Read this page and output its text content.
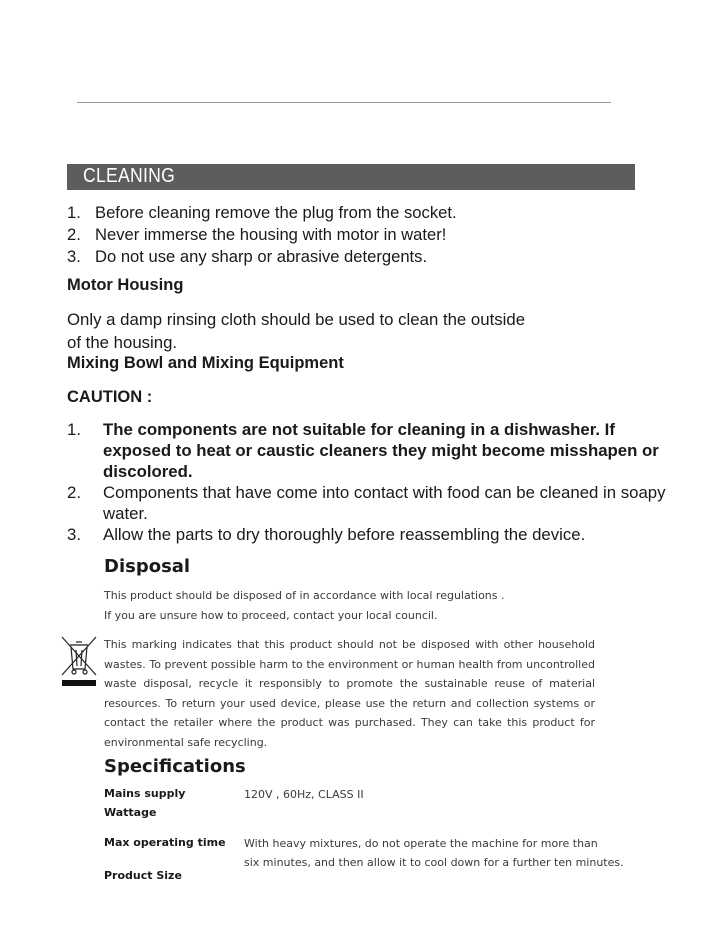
CLEANING
1. Before cleaning remove the plug from the socket.
2. Never immerse the housing with motor in water!
3. Do not use any sharp or abrasive detergents.
Motor Housing
Only a damp rinsing cloth should be used to clean the outside
of the housing.
Mixing Bowl and Mixing Equipment
CAUTION :
1. The components are not suitable for cleaning in a dishwasher. If exposed to heat or caustic cleaners they might become misshapen or discolored.
2. Components that have come into contact with food can be cleaned in soapy water.
3. Allow the parts to dry thoroughly before reassembling the device.
Disposal
This product should be disposed of in accordance with local regulations .
If you are unsure how to proceed, contact your local council.
This marking indicates that this product should not be disposed with other household wastes. To prevent possible harm to the environment or human health from uncontrolled waste disposal, recycle it responsibly to promote the sustainable reuse of material resources. To return your used device, please use the return and collection systems or contact the retailer where the product was purchased. They can take this product for environmental safe recycling.
Specifications
Mains supply	120V , 60Hz, CLASS II
Wattage
Max operating time With heavy mixtures, do not operate the machine for more than
six minutes, and then allow it to cool down for a further ten minutes.
Product Size
